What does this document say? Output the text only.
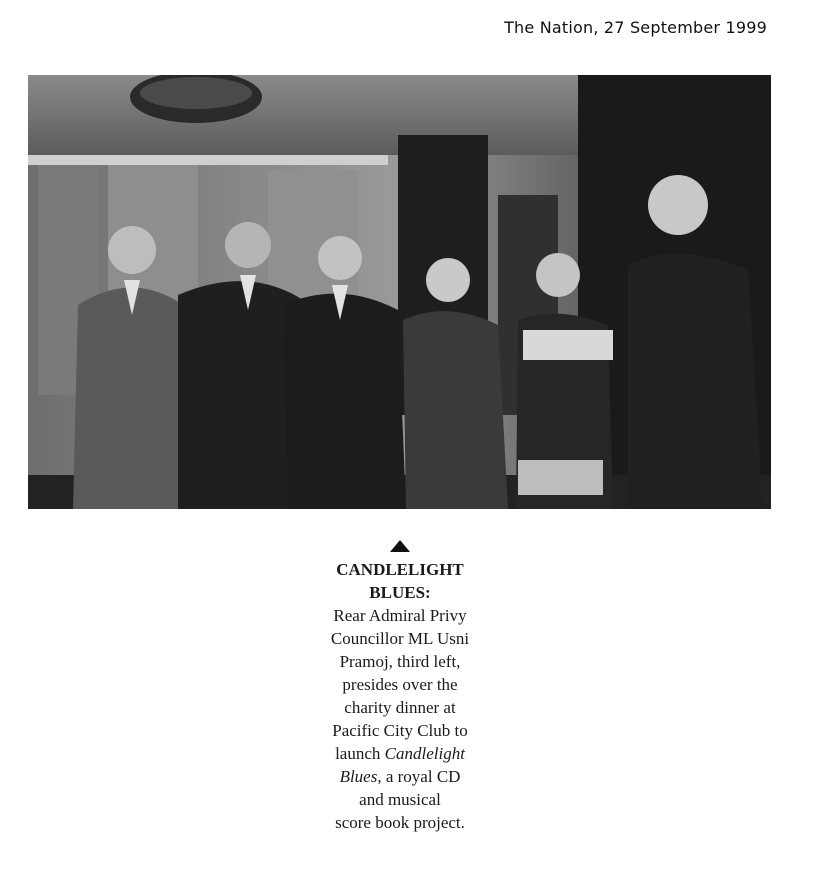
The Nation, 27 September 1999
CANDLELIGHT
BLUES:
Rear Admiral Privy
Councillor ML Usni
Pramoj, third left,
presides over the
charity dinner at
Pacific City Club to
launch Candlelight
Blues, a royal CD
and musical
score book project.
